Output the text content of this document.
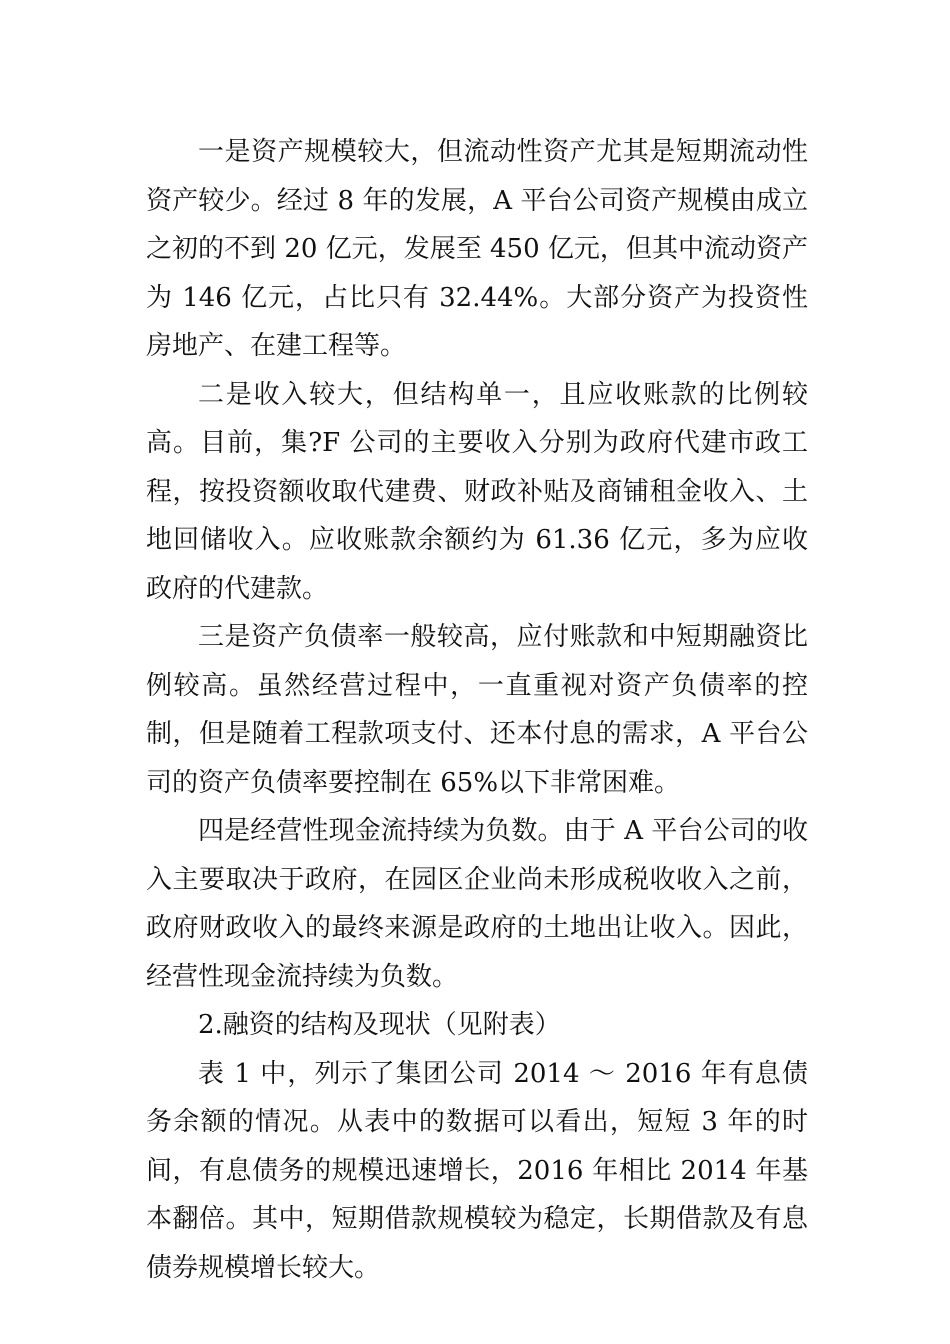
一是资产规模较大，但流动性资产尤其是短期流动性资产较少。经过 8 年的发展，A 平台公司资产规模由成立之初的不到 20 亿元，发展至 450 亿元，但其中流动资产为 146 亿元，占比只有 32.44%。大部分资产为投资性房地产、在建工程等。

二是收入较大，但结构单一，且应收账款的比例较高。目前，集?F 公司的主要收入分别为政府代建市政工程，按投资额收取代建费、财政补贴及商铺租金收入、土地回储收入。应收账款余额约为 61.36 亿元，多为应收政府的代建款。

三是资产负债率一般较高，应付账款和中短期融资比例较高。虽然经营过程中，一直重视对资产负债率的控制，但是随着工程款项支付、还本付息的需求，A 平台公司的资产负债率要控制在 65%以下非常困难。

四是经营性现金流持续为负数。由于 A 平台公司的收入主要取决于政府，在园区企业尚未形成税收收入之前，政府财政收入的最终来源是政府的土地出让收入。因此，经营性现金流持续为负数。

2.融资的结构及现状（见附表）

表 1 中，列示了集团公司 2014 ～ 2016 年有息债务余额的情况。从表中的数据可以看出，短短 3 年的时间，有息债务的规模迅速增长，2016 年相比 2014 年基本翻倍。其中，短期借款规模较为稳定，长期借款及有息债券规模增长较大。
